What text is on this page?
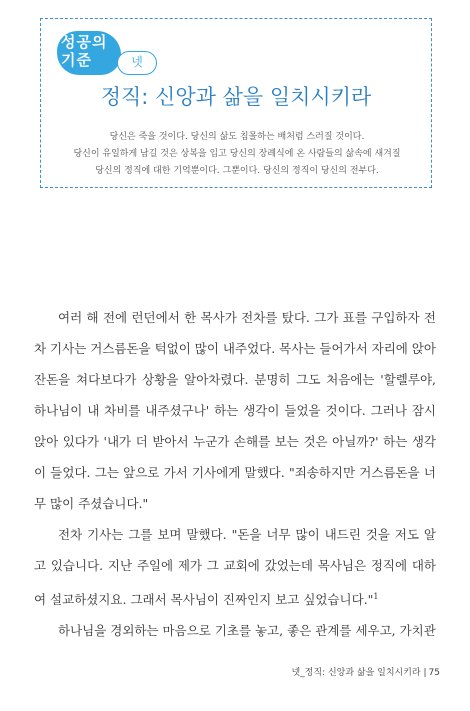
성공의
기준	넷
정직: 신앙과 삶을 일치시키라
당신은 죽을 것이다. 당신의 삶도 침몰하는 배처럼 스러질 것이다.
당신이 유일하게 남길 것은 상복을 입고 당신의 장례식에 온 사람들의 삶속에 새겨질
당신의 정직에 대한 기억뿐이다. 그뿐이다. 당신의 정직이 당신의 전부다.

여러 해 전에 런던에서 한 목사가 전차를 탔다. 그가 표를 구입하자 전차 기사는 거스름돈을 턱없이 많이 내주었다. 목사는 들어가서 자리에 앉아 잔돈을 쳐다보다가 상황을 알아차렸다. 분명히 그도 처음에는 '할렐루야, 하나님이 내 차비를 내주셨구나' 하는 생각이 들었을 것이다. 그러나 잠시 앉아 있다가 '내가 더 받아서 누군가 손해를 보는 것은 아닐까?' 하는 생각이 들었다. 그는 앞으로 가서 기사에게 말했다. "죄송하지만 거스름돈을 너무 많이 주셨습니다."

전차 기사는 그를 보며 말했다. "돈을 너무 많이 내드린 것을 저도 알고 있습니다. 지난 주일에 제가 그 교회에 갔었는데 목사님은 정직에 대하여 설교하셨지요. 그래서 목사님이 진짜인지 보고 싶었습니다."$^1$

하나님을 경외하는 마음으로 기초를 놓고, 좋은 관계를 세우고, 가치관

넷_정직: 신앙과 삶을 일치시키라 | 75
